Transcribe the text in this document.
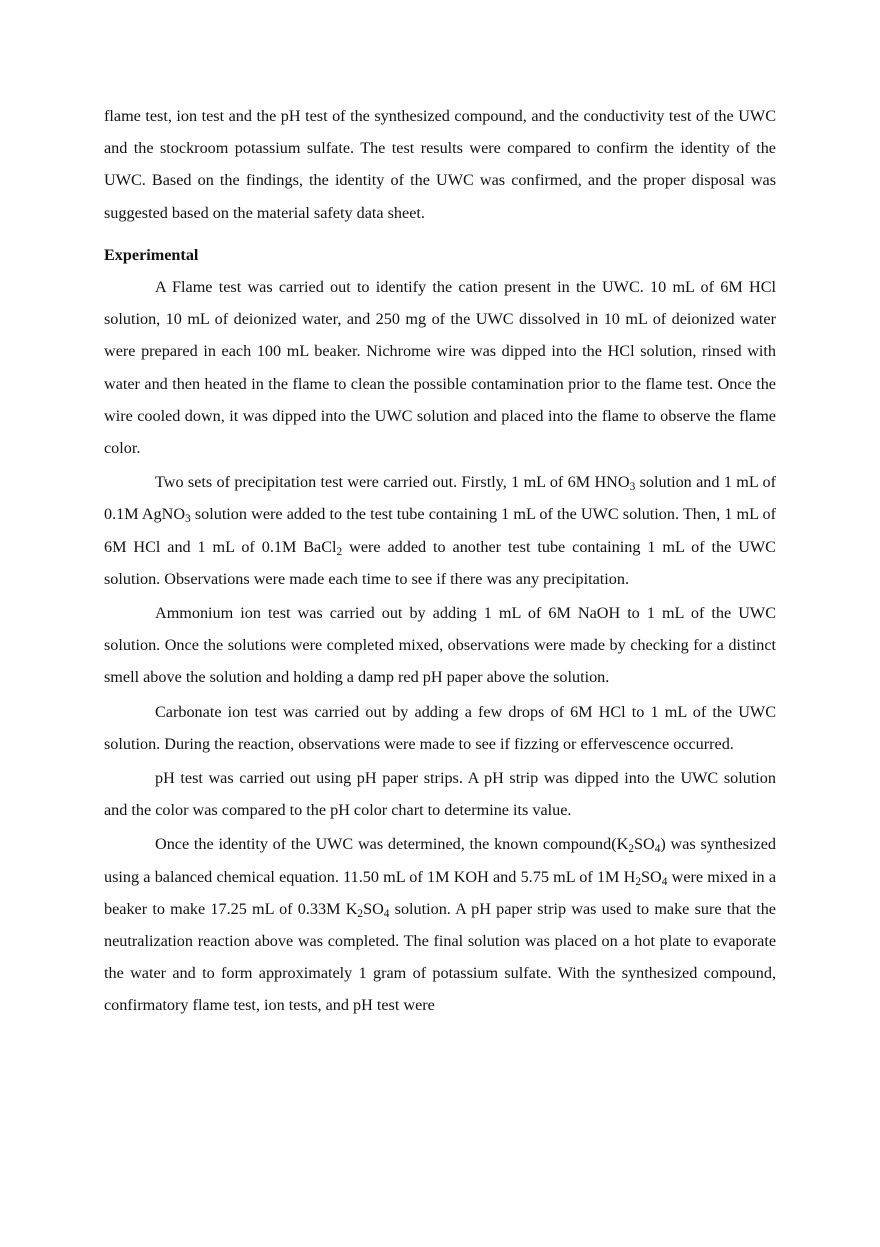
flame test, ion test and the pH test of the synthesized compound, and the conductivity test of the UWC and the stockroom potassium sulfate. The test results were compared to confirm the identity of the UWC. Based on the findings, the identity of the UWC was confirmed, and the proper disposal was suggested based on the material safety data sheet.

Experimental

A Flame test was carried out to identify the cation present in the UWC. 10 mL of 6M HCl solution, 10 mL of deionized water, and 250 mg of the UWC dissolved in 10 mL of deionized water were prepared in each 100 mL beaker. Nichrome wire was dipped into the HCl solution, rinsed with water and then heated in the flame to clean the possible contamination prior to the flame test. Once the wire cooled down, it was dipped into the UWC solution and placed into the flame to observe the flame color.

Two sets of precipitation test were carried out. Firstly, 1 mL of 6M $HNO_3$ solution and 1 mL of 0.1M AgNO$_3$ solution were added to the test tube containing 1 mL of the UWC solution. Then, 1 mL of 6M HCl and 1 mL of 0.1M BaCl$_2$ were added to another test tube containing 1 mL of the UWC solution. Observations were made each time to see if there was any precipitation.

Ammonium ion test was carried out by adding 1 mL of 6M NaOH to 1 mL of the UWC solution. Once the solutions were completed mixed, observations were made by checking for a distinct smell above the solution and holding a damp red pH paper above the solution.

Carbonate ion test was carried out by adding a few drops of 6M HCl to 1 mL of the UWC solution. During the reaction, observations were made to see if fizzing or effervescence occurred.

pH test was carried out using pH paper strips. A pH strip was dipped into the UWC solution and the color was compared to the pH color chart to determine its value.

Once the identity of the UWC was determined, the known $compound(K_2SO_4)$ was synthesized using a balanced chemical equation. 11.50 mL of 1M KOH and 5.75 mL of 1M $H_2SO_4$ were mixed in a beaker to make 17.25 mL of 0.33M $K_2SO_4$ solution. A pH paper strip was used to make sure that the neutralization reaction above was completed. The final solution was placed on a hot plate to evaporate the water and to form approximately 1 gram of potassium sulfate. With the synthesized compound, confirmatory flame test, ion tests, and pH test were
